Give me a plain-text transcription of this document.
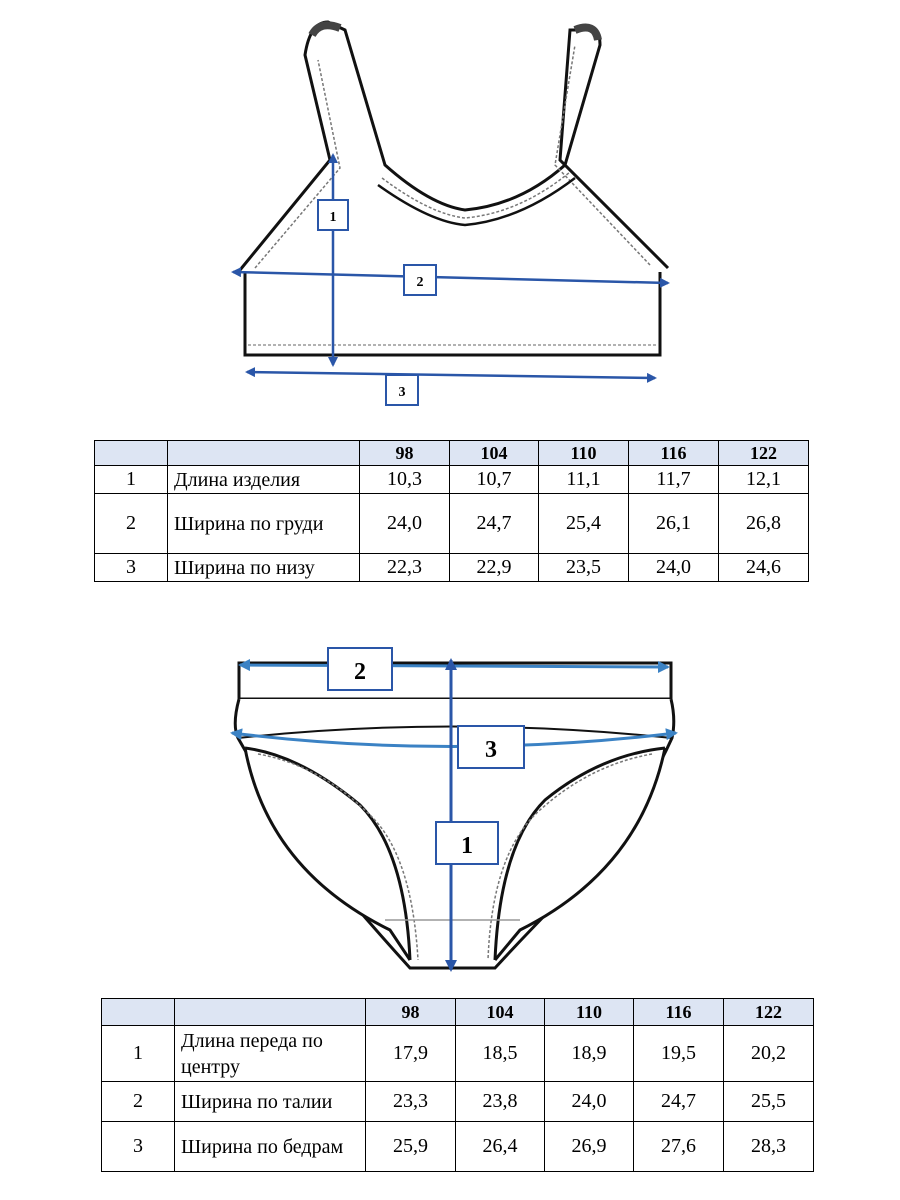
1
2
3
		98	104	110	116	122
1	Длина изделия	10,3	10,7	11,1	11,7	12,1
2	Ширина по груди	24,0	24,7	25,4	26,1	26,8
3	Ширина по низу	22,3	22,9	23,5	24,0	24,6
2
3
1
		98	104	110	116	122
1	Длина переда по центру	17,9	18,5	18,9	19,5	20,2
2	Ширина по талии	23,3	23,8	24,0	24,7	25,5
3	Ширина по бедрам	25,9	26,4	26,9	27,6	28,3
